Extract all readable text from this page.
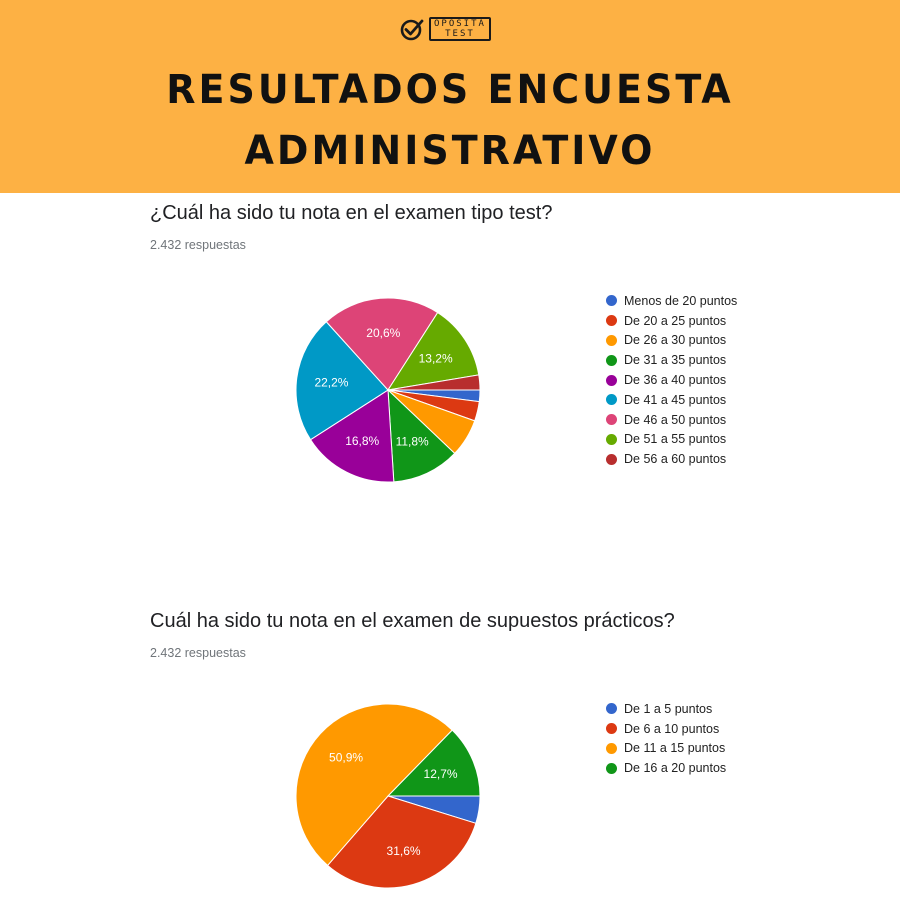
OPOSITA
TEST
RESULTADOS ENCUESTA
ADMINISTRATIVO
¿Cuál ha sido tu nota en el examen tipo test?
2.432 respuestas
11,8%
16,8%
22,2%
20,6%
13,2%
Menos de 20 puntos
De 20 a 25 puntos
De 26 a 30 puntos
De 31 a 35 puntos
De 36 a 40 puntos
De 41 a 45 puntos
De 46 a 50 puntos
De 51 a 55 puntos
De 56 a 60 puntos
Cuál ha sido tu nota en el examen de supuestos prácticos?
2.432 respuestas
31,6%
50,9%
12,7%
De 1 a 5 puntos
De 6 a 10 puntos
De 11 a 15 puntos
De 16 a 20 puntos
